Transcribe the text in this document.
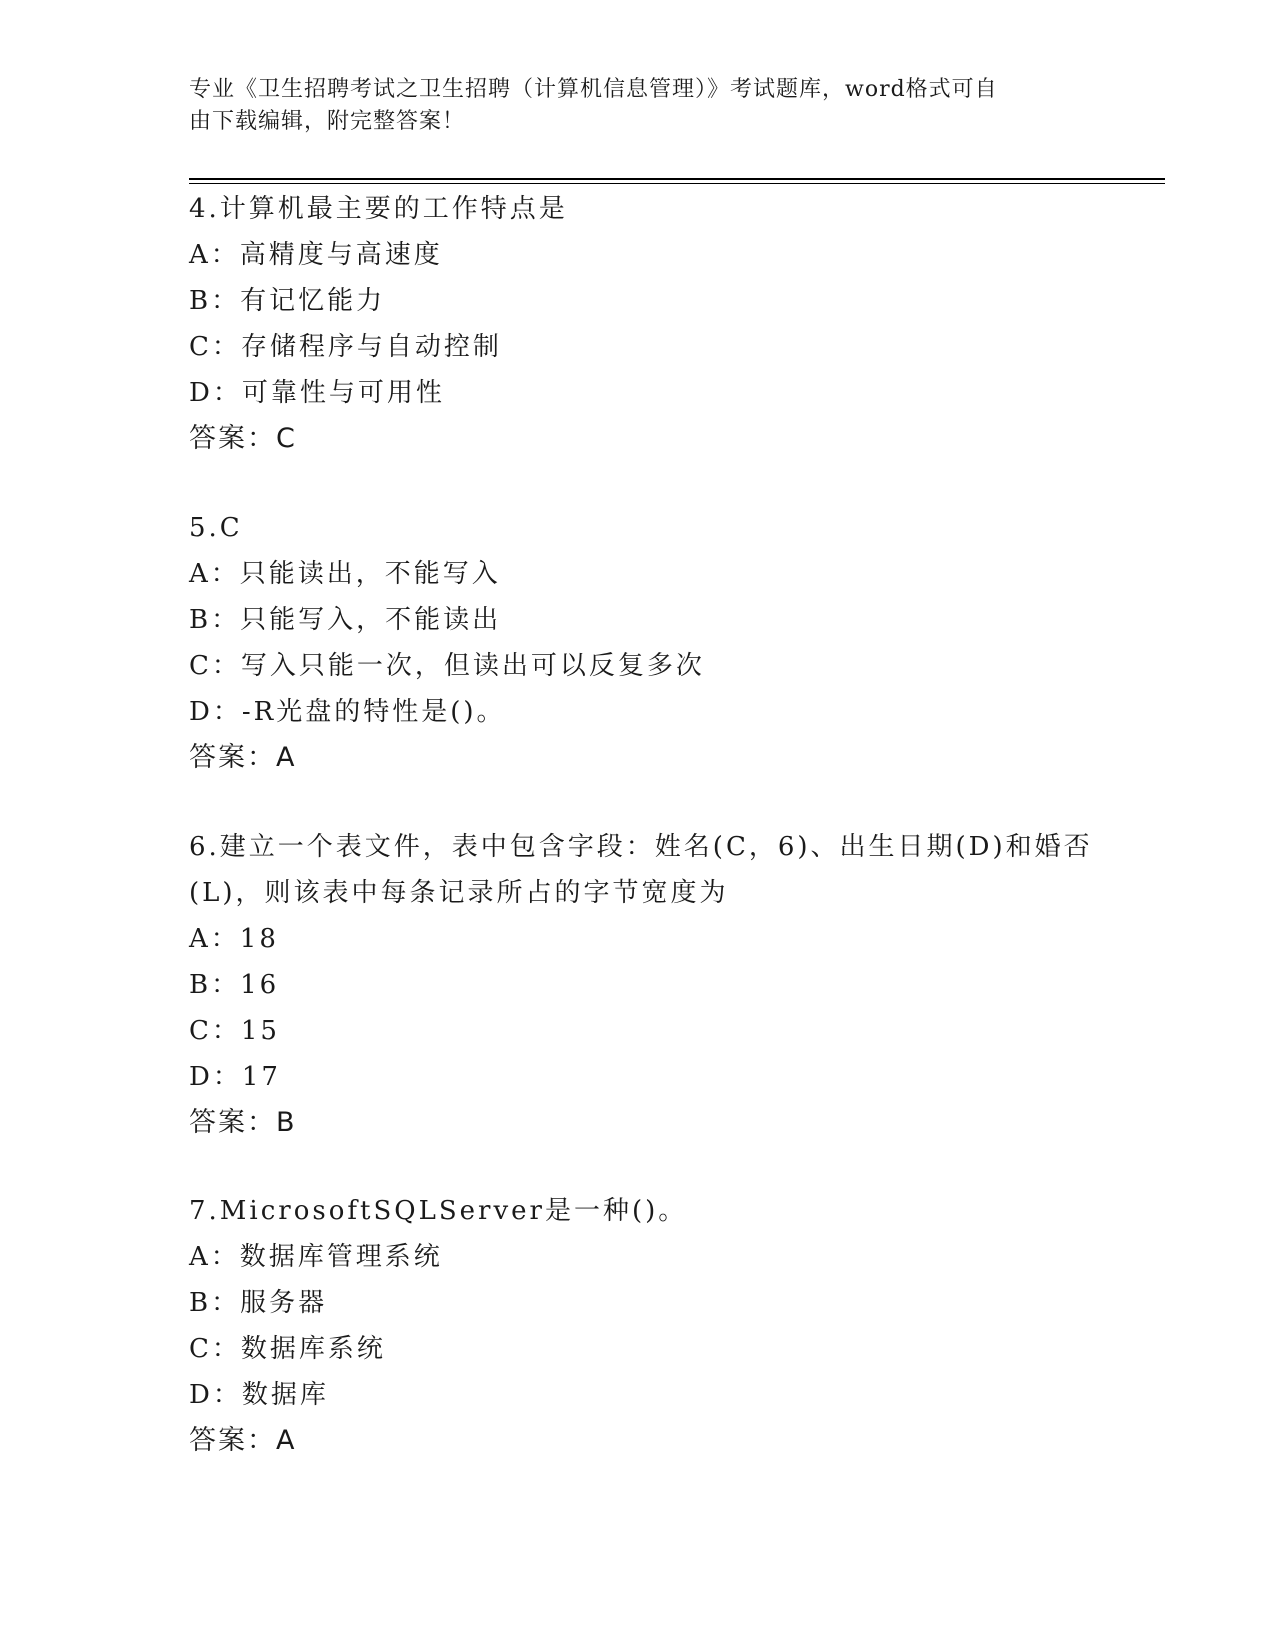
专业《卫生招聘考试之卫生招聘（计算机信息管理）》考试题库，word格式可自
由下载编辑，附完整答案！
4.计算机最主要的工作特点是
A：高精度与高速度
B：有记忆能力
C：存储程序与自动控制
D：可靠性与可用性
答案：C
5.C
A：只能读出，不能写入
B：只能写入，不能读出
C：写入只能一次，但读出可以反复多次
D：-R光盘的特性是()。
答案：A
6.建立一个表文件，表中包含字段：姓名(C，6)、出生日期(D)和婚否
(L)，则该表中每条记录所占的字节宽度为
A：18
B：16
C：15
D：17
答案：B
7.MicrosoftSQLServer是一种()。
A：数据库管理系统
B：服务器
C：数据库系统
D：数据库
答案：A
